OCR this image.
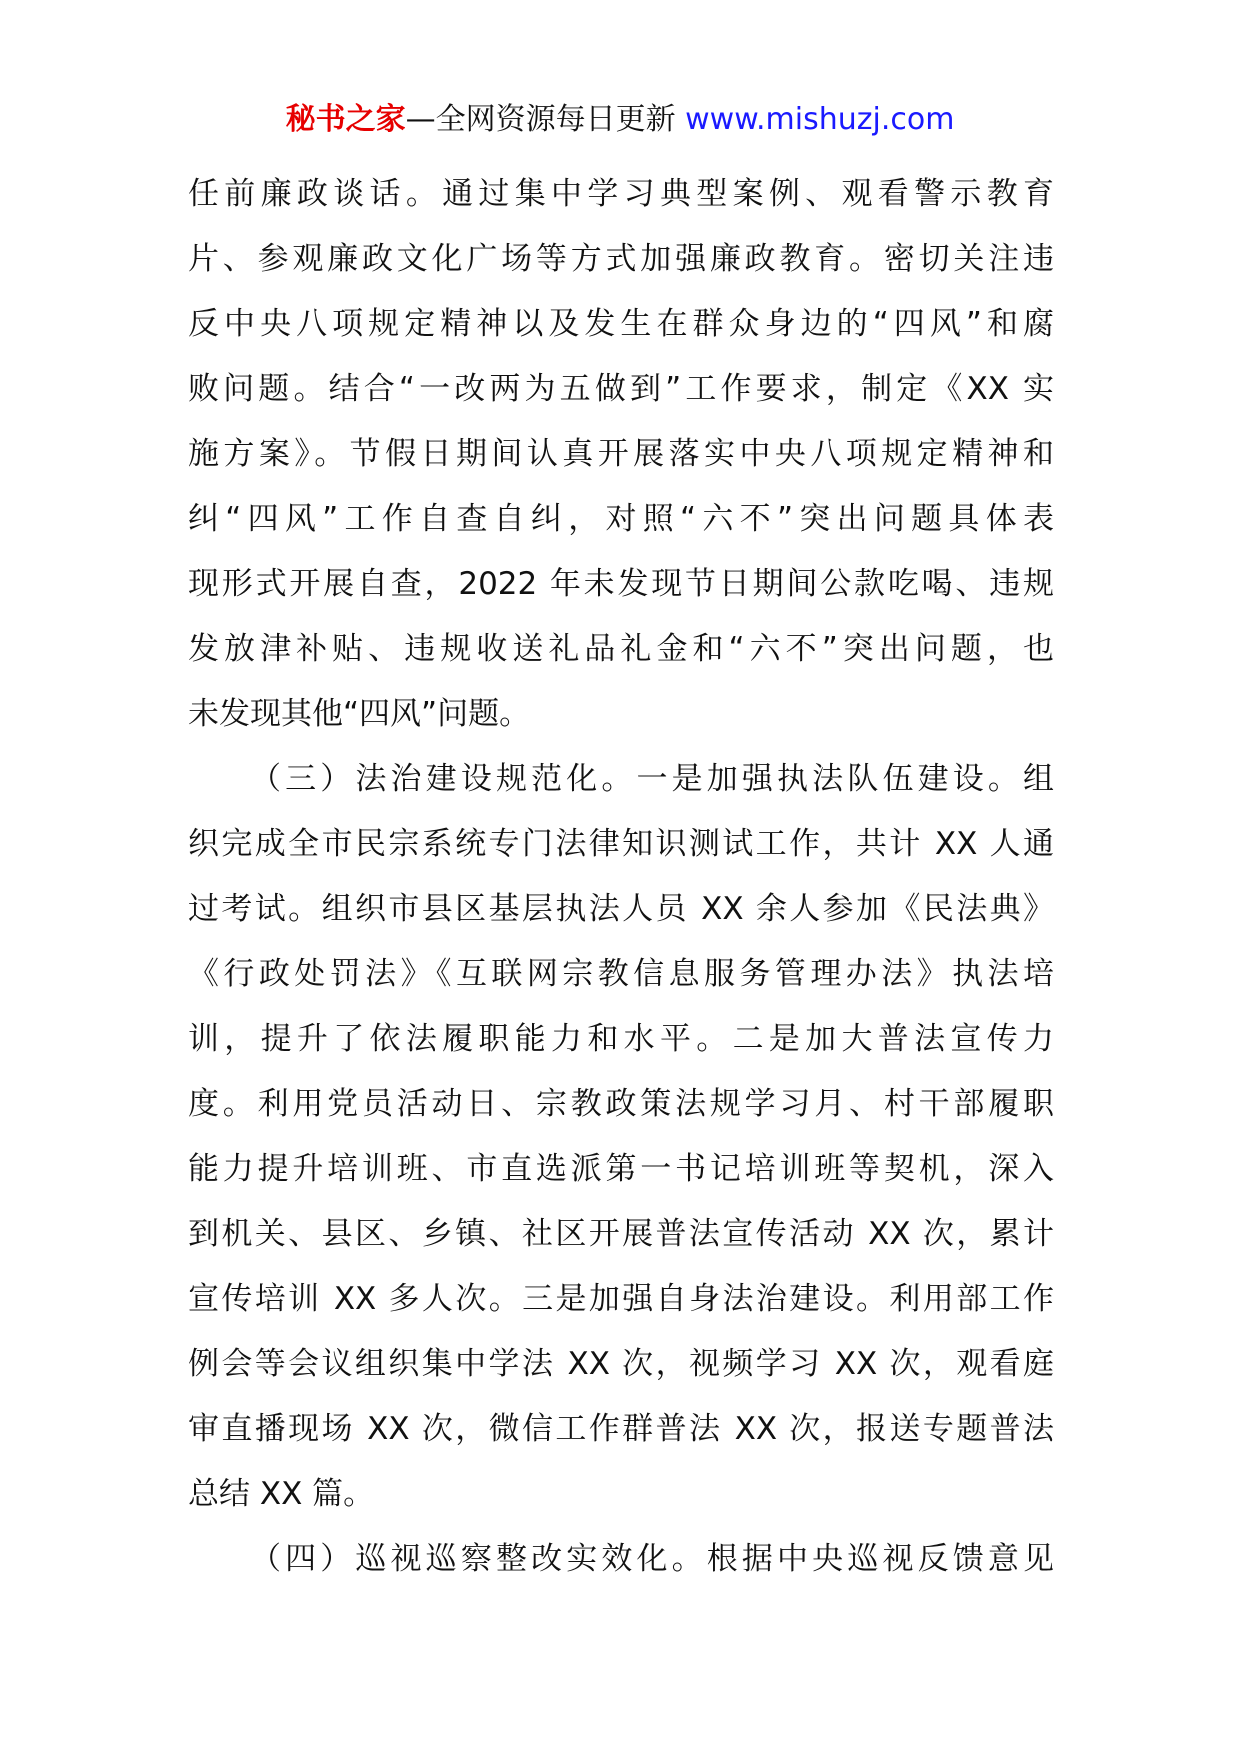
秘书之家—全网资源每日更新 www.mishuzj.com
任前廉政谈话。通过集中学习典型案例、观看警示教育
片、参观廉政文化广场等方式加强廉政教育。密切关注违
反中央八项规定精神以及发生在群众身边的“四风”和腐
败问题。结合“一改两为五做到”工作要求，制定《XX 实
施方案》。节假日期间认真开展落实中央八项规定精神和
纠“四风”工作自查自纠，对照“六不”突出问题具体表
现形式开展自查，2022 年未发现节日期间公款吃喝、违规
发放津补贴、违规收送礼品礼金和“六不”突出问题，也
未发现其他“四风”问题。
（三）法治建设规范化。一是加强执法队伍建设。组
织完成全市民宗系统专门法律知识测试工作，共计 XX 人通
过考试。组织市县区基层执法人员 XX 余人参加《民法典》
《行政处罚法》《互联网宗教信息服务管理办法》执法培
训，提升了依法履职能力和水平。二是加大普法宣传力
度。利用党员活动日、宗教政策法规学习月、村干部履职
能力提升培训班、市直选派第一书记培训班等契机，深入
到机关、县区、乡镇、社区开展普法宣传活动 XX 次，累计
宣传培训 XX 多人次。三是加强自身法治建设。利用部工作
例会等会议组织集中学法 XX 次，视频学习 XX 次，观看庭
审直播现场 XX 次，微信工作群普法 XX 次，报送专题普法
总结 XX 篇。
（四）巡视巡察整改实效化。根据中央巡视反馈意见
